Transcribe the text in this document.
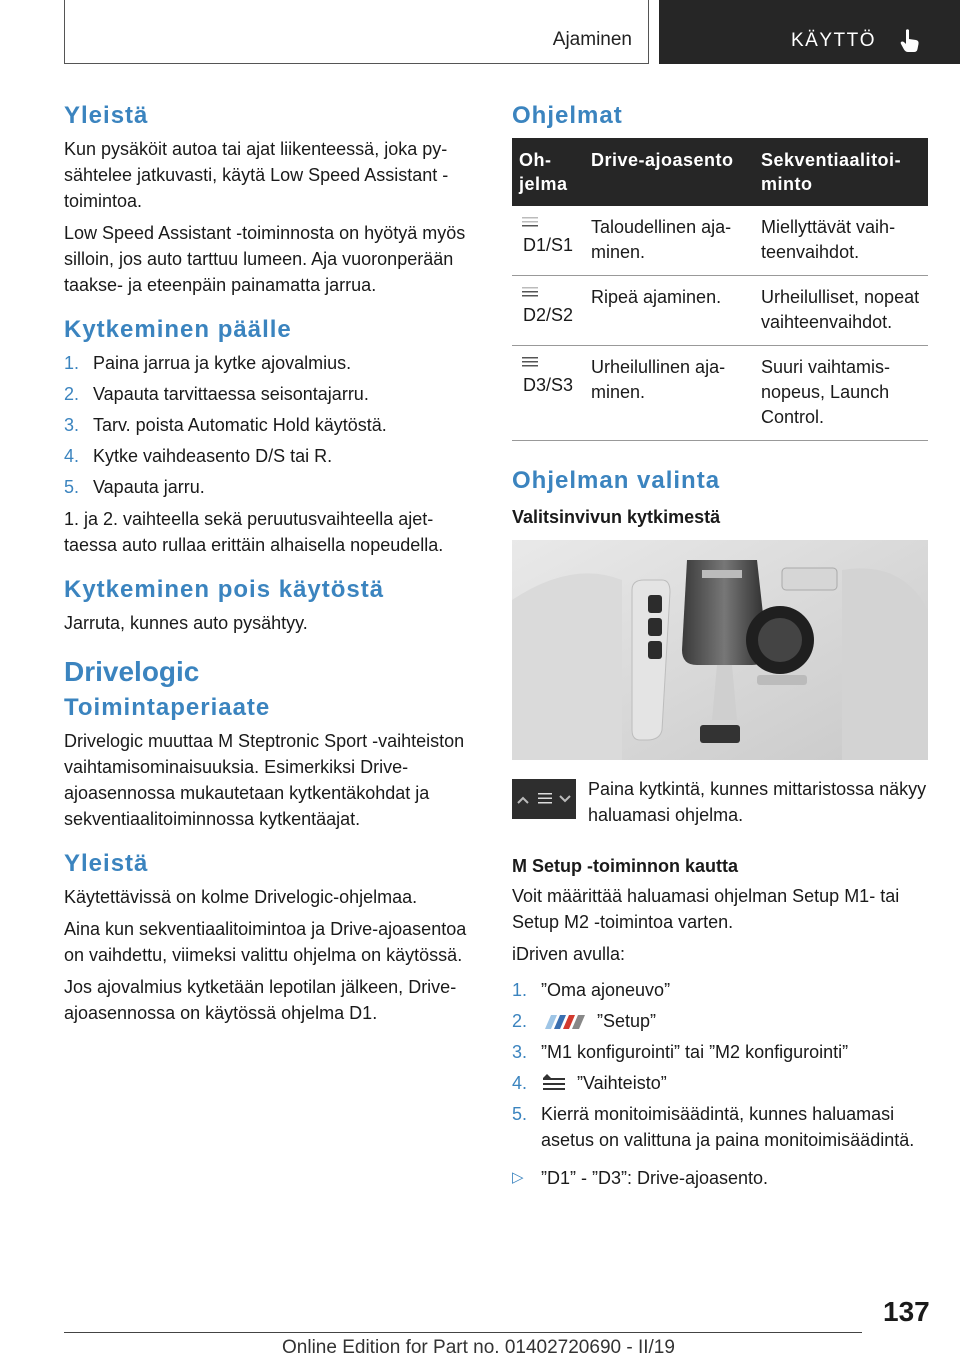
Ajaminen	KÄYTTÖ
Yleistä

Kun pysäköit autoa tai ajat liikenteessä, joka pysähtelee jatkuvasti, käytä Low Speed Assistant -toimintoa.

Low Speed Assistant -toiminnosta on hyötyä myös silloin, jos auto tarttuu lumeen. Aja vuoronperään taakse- ja eteenpäin painamatta jarrua.

Kytkeminen päälle
1. Paina jarrua ja kytke ajovalmius.
2. Vapauta tarvittaessa seisontajarru.
3. Tarv. poista Automatic Hold käytöstä.
4. Kytke vaihdeasento D/S tai R.
5. Vapauta jarru.

1. ja 2. vaihteella sekä peruutusvaihteella ajettaessa auto rullaa erittäin alhaisella nopeudella.

Kytkeminen pois käytöstä

Jarruta, kunnes auto pysähtyy.

Drivelogic
Toimintaperiaate

Drivelogic muuttaa M Steptronic Sport -vaihteiston vaihtamisominaisuuksia. Esimerkiksi Drive-ajoasennossa mukautetaan kytkentäkohdat ja sekventiaalitoiminnossa kytkentäajat.

Yleistä

Käytettävissä on kolme Drivelogic-ohjelmaa.

Aina kun sekventiaalitoimintoa ja Drive-ajoasentoa on vaihdettu, viimeksi valittu ohjelma on käytössä.

Jos ajovalmius kytketään lepotilan jälkeen, Drive-ajoasennossa on käytössä ohjelma D1.

Ohjelmat
Ohjelma	Drive-ajoasento	Sekventiaalitoiminto

D1/S1	Taloudellinen ajaminen.	Miellyttävät vaihteenvaihdot.

D2/S2	Ripeä ajaminen.	Urheilulliset, nopeat vaihteenvaihdot.

D3/S3	Urheilullinen ajaminen.	Suuri vaihtamisnopeus, Launch Control.
Ohjelman valinta
Valitsinvivun kytkimestä

Paina kytkintä, kunnes mittaristossa näkyy haluamasi ohjelma.

M Setup -toiminnon kautta

Voit määrittää haluamasi ohjelman Setup M1- tai Setup M2 -toimintoa varten.

iDriven avulla:

1. ”Oma ajoneuvo”
2.	”Setup”
3. ”M1 konfigurointi” tai ”M2 konfigurointi”
4.	”Vaihteisto”
5. Kierrä monitoimisäädintä, kunnes haluamasi asetus on valittuna ja paina monitoimisäädintä.
▷ ”D1” - ”D3”: Drive-ajoasento.
137
Online Edition for Part no. 01402720690 - II/19
